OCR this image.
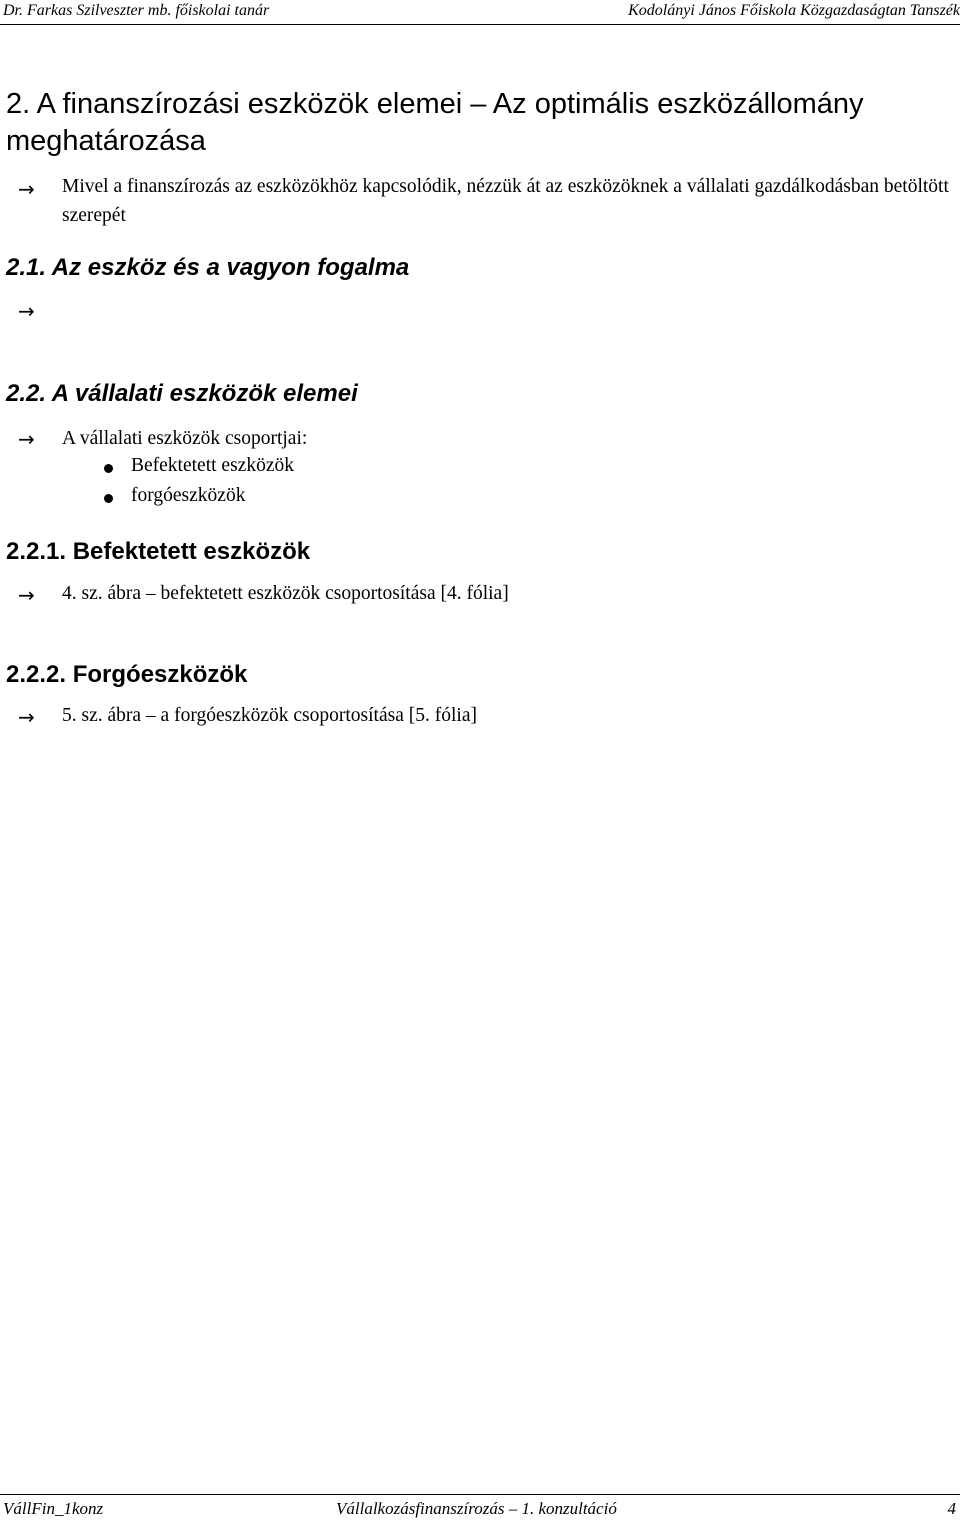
Dr. Farkas Szilveszter mb. főiskolai tanár	Kodolányi János Főiskola Közgazdaságtan Tanszék
2. A finanszírozási eszközök elemei – Az optimális eszközállomány meghatározása
→ Mivel a finanszírozás az eszközökhöz kapcsolódik, nézzük át az eszközöknek a vállalati gazdálkodásban betöltött szerepét
2.1. Az eszköz és a vagyon fogalma
→
2.2. A vállalati eszközök elemei
→ A vállalati eszközök csoportjai:
Befektetett eszközök
forgóeszközök
2.2.1. Befektetett eszközök
→ 4. sz. ábra – befektetett eszközök csoportosítása [4. fólia]
2.2.2. Forgóeszközök
→ 5. sz. ábra – a forgóeszközök csoportosítása [5. fólia]
VállFin_1konz	Vállalkozásfinanszírozás – 1. konzultáció	4
